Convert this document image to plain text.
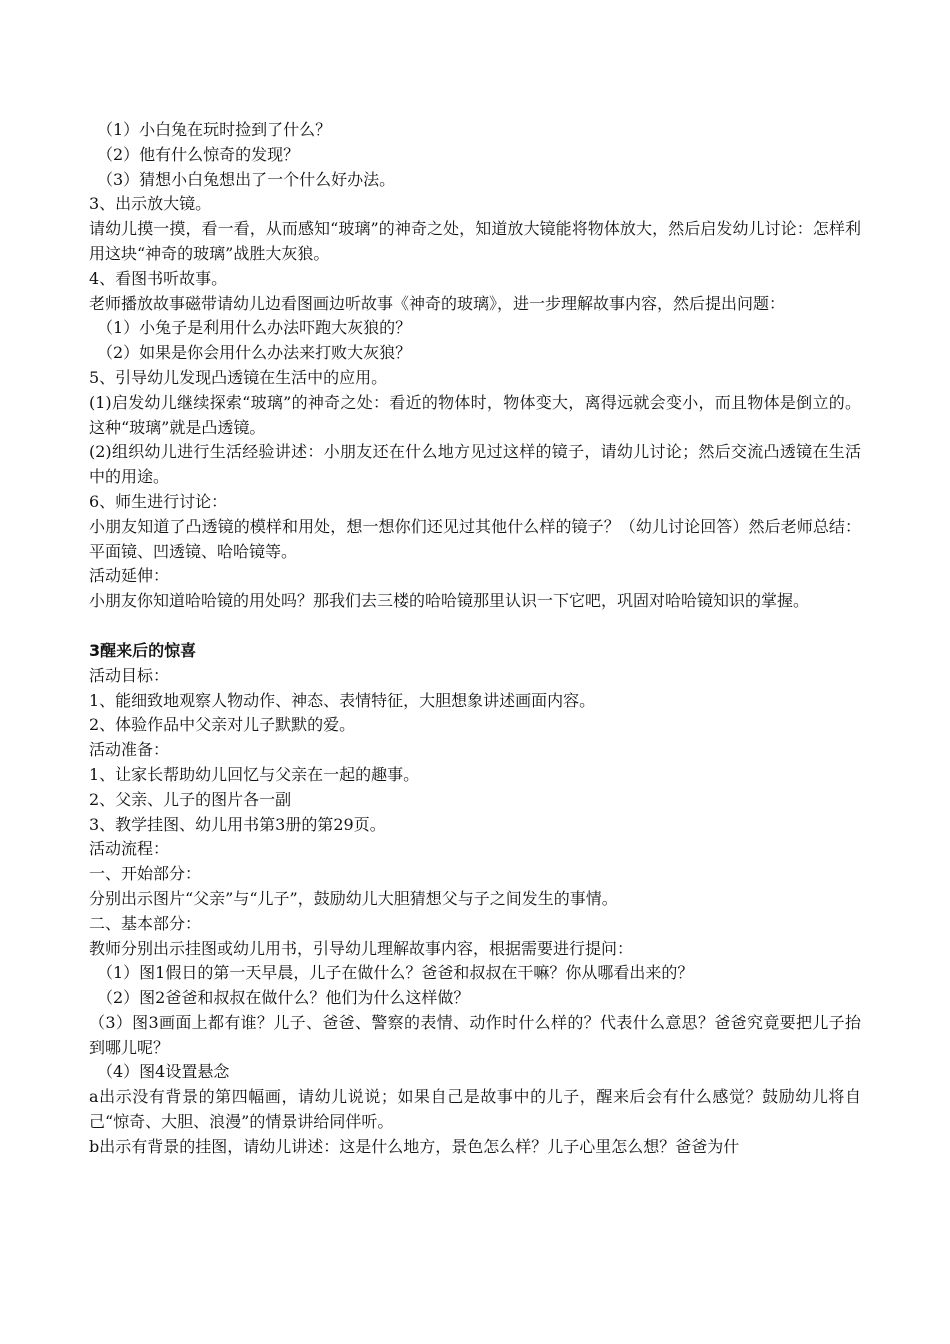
（1）小白兔在玩时捡到了什么？

（2）他有什么惊奇的发现？

（3）猜想小白兔想出了一个什么好办法。

3、出示放大镜。

请幼儿摸一摸，看一看，从而感知“玻璃”的神奇之处，知道放大镜能将物体放大，然后启发幼儿讨论：怎样利用这块“神奇的玻璃”战胜大灰狼。

4、看图书听故事。

老师播放故事磁带请幼儿边看图画边听故事《神奇的玻璃》，进一步理解故事内容，然后提出问题：

（1）小兔子是利用什么办法吓跑大灰狼的？

（2）如果是你会用什么办法来打败大灰狼？

5、引导幼儿发现凸透镜在生活中的应用。

(1)启发幼儿继续探索“玻璃”的神奇之处：看近的物体时，物体变大，离得远就会变小，而且物体是倒立的。这种“玻璃”就是凸透镜。

(2)组织幼儿进行生活经验讲述：小朋友还在什么地方见过这样的镜子，请幼儿讨论；然后交流凸透镜在生活中的用途。

6、师生进行讨论：

小朋友知道了凸透镜的模样和用处，想一想你们还见过其他什么样的镜子？（幼儿讨论回答）然后老师总结：平面镜、凹透镜、哈哈镜等。

活动延伸：

小朋友你知道哈哈镜的用处吗？那我们去三楼的哈哈镜那里认识一下它吧，巩固对哈哈镜知识的掌握。

3醒来后的惊喜

活动目标：

1、能细致地观察人物动作、神态、表情特征，大胆想象讲述画面内容。

2、体验作品中父亲对儿子默默的爱。

活动准备：

1、让家长帮助幼儿回忆与父亲在一起的趣事。

2、父亲、儿子的图片各一副

3、教学挂图、幼儿用书第3册的第29页。

活动流程：

一、开始部分：

分别出示图片“父亲”与“儿子”，鼓励幼儿大胆猜想父与子之间发生的事情。

二、基本部分：

教师分别出示挂图或幼儿用书，引导幼儿理解故事内容，根据需要进行提问：

（1）图1假日的第一天早晨，儿子在做什么？爸爸和叔叔在干嘛？你从哪看出来的？

（2）图2爸爸和叔叔在做什么？他们为什么这样做？

（3）图3画面上都有谁？儿子、爸爸、警察的表情、动作时什么样的？代表什么意思？爸爸究竟要把儿子抬到哪儿呢？

（4）图4设置悬念

a出示没有背景的第四幅画，请幼儿说说；如果自己是故事中的儿子，醒来后会有什么感觉？鼓励幼儿将自己“惊奇、大胆、浪漫”的情景讲给同伴听。

b出示有背景的挂图，请幼儿讲述：这是什么地方，景色怎么样？儿子心里怎么想？爸爸为什
